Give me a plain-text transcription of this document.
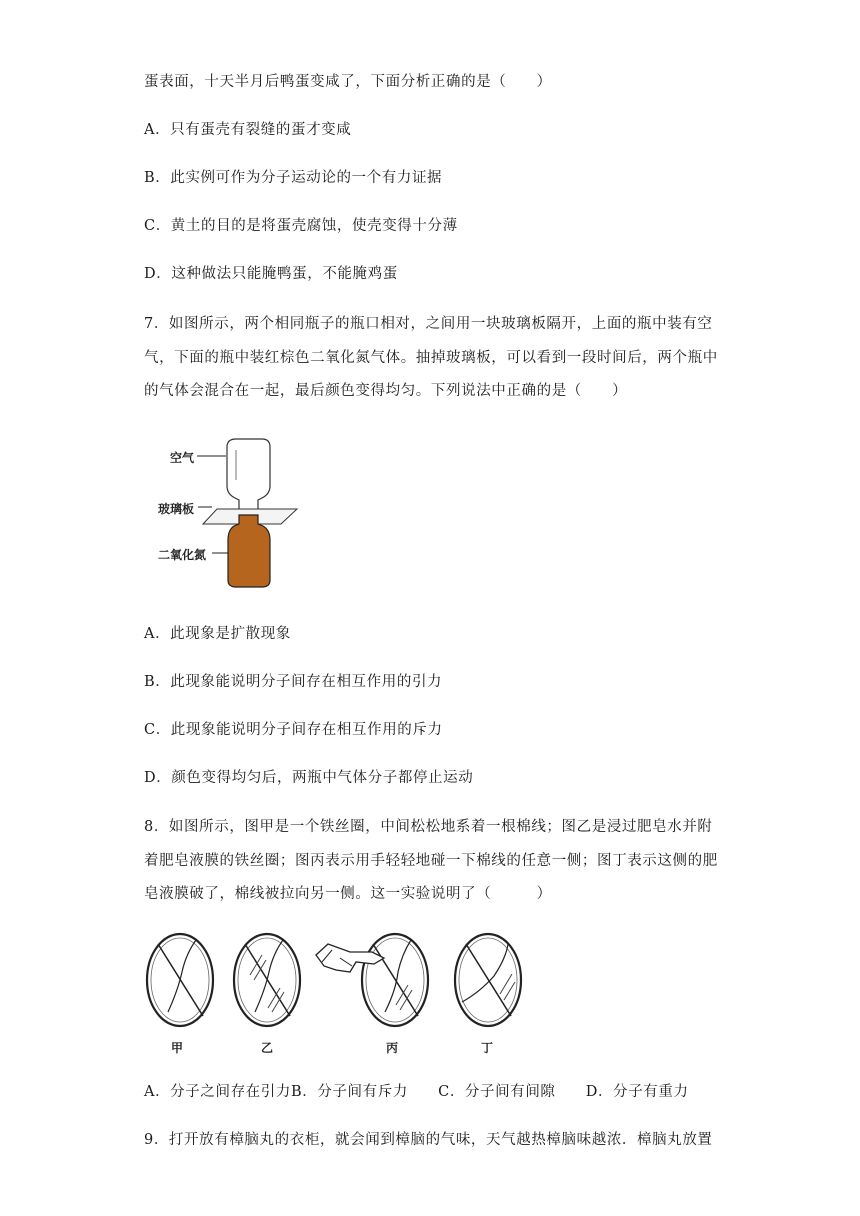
蛋表面，十天半月后鸭蛋变咸了，下面分析正确的是（　　）
A．只有蛋壳有裂缝的蛋才变咸
B．此实例可作为分子运动论的一个有力证据
C．黄土的目的是将蛋壳腐蚀，使壳变得十分薄
D．这种做法只能腌鸭蛋，不能腌鸡蛋
7．如图所示，两个相同瓶子的瓶口相对，之间用一块玻璃板隔开，上面的瓶中装有空
气，下面的瓶中装红棕色二氧化氮气体。抽掉玻璃板，可以看到一段时间后，两个瓶中
的气体会混合在一起，最后颜色变得均匀。下列说法中正确的是（　　）
空气
玻璃板
二氧化氮
A．此现象是扩散现象
B．此现象能说明分子间存在相互作用的引力
C．此现象能说明分子间存在相互作用的斥力
D．颜色变得均匀后，两瓶中气体分子都停止运动
8．如图所示，图甲是一个铁丝圈，中间松松地系着一根棉线；图乙是浸过肥皂水并附
着肥皂液膜的铁丝圈；图丙表示用手轻轻地碰一下棉线的任意一侧；图丁表示这侧的肥
皂液膜破了，棉线被拉向另一侧。这一实验说明了（　　　）
甲	乙	丙	丁
A．分子之间存在引力B．分子间有斥力　　C．分子间有间隙　　D．分子有重力
9．打开放有樟脑丸的衣柜，就会闻到樟脑的气味，天气越热樟脑味越浓．樟脑丸放置
